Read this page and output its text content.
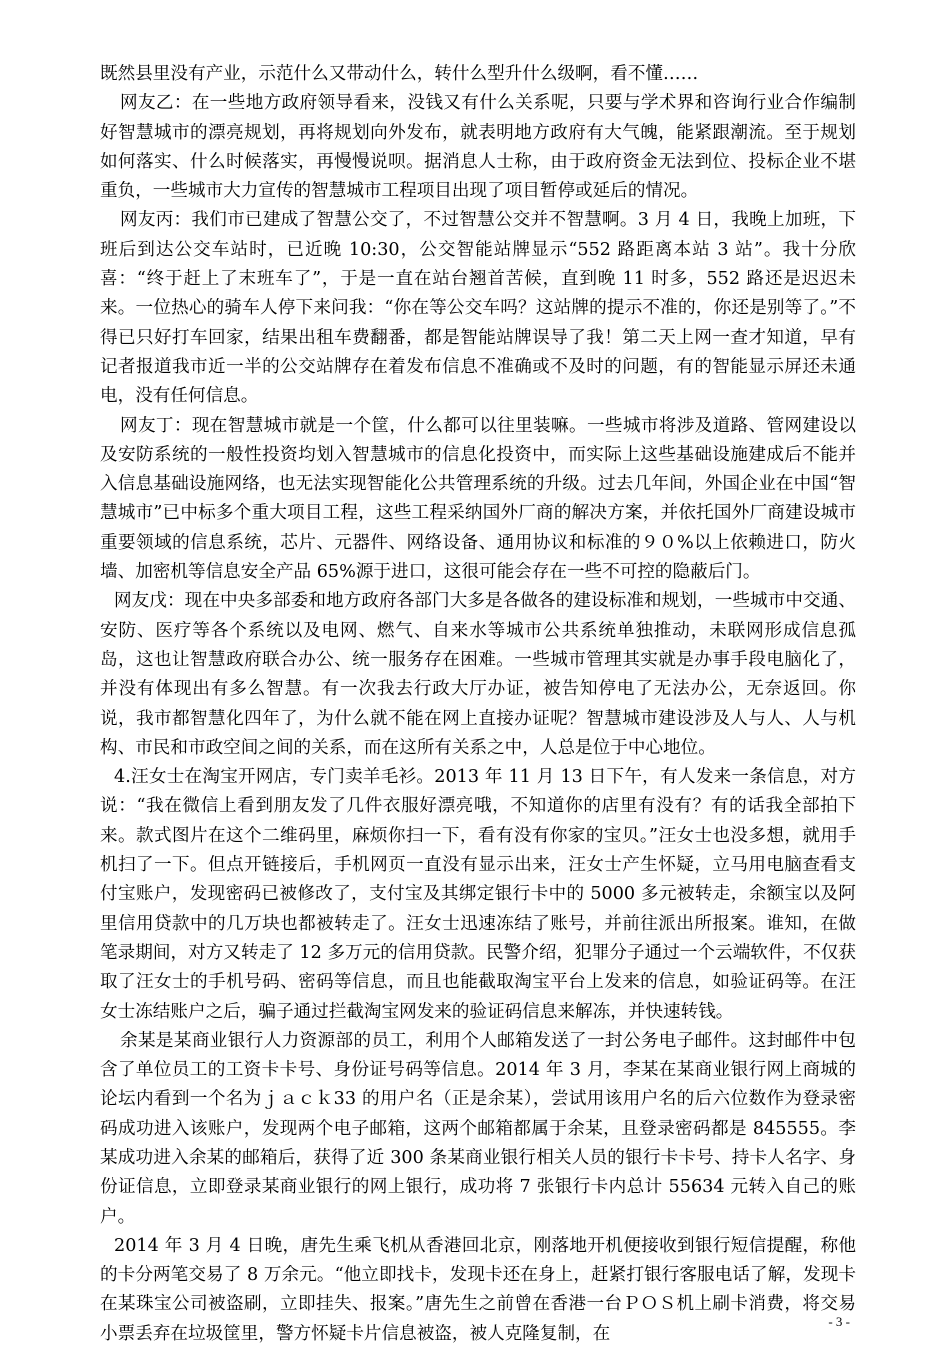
既然县里没有产业，示范什么又带动什么，转什么型升什么级啊，看不懂……

网友乙：在一些地方政府领导看来，没钱又有什么关系呢，只要与学术界和咨询行业合作编制好智慧城市的漂亮规划，再将规划向外发布，就表明地方政府有大气魄，能紧跟潮流。至于规划如何落实、什么时候落实，再慢慢说呗。据消息人士称，由于政府资金无法到位、投标企业不堪重负，一些城市大力宣传的智慧城市工程项目出现了项目暂停或延后的情况。

网友丙：我们市已建成了智慧公交了，不过智慧公交并不智慧啊。3 月 4 日，我晚上加班，下班后到达公交车站时，已近晚 10:30，公交智能站牌显示“552 路距离本站 3 站”。我十分欣喜：“终于赶上了末班车了”，于是一直在站台翘首苦候，直到晚 11 时多，552 路还是迟迟未来。一位热心的骑车人停下来问我：“你在等公交车吗？这站牌的提示不准的，你还是别等了。”不得已只好打车回家，结果出租车费翻番，都是智能站牌误导了我！第二天上网一查才知道，早有记者报道我市近一半的公交站牌存在着发布信息不准确或不及时的问题，有的智能显示屏还未通电，没有任何信息。

网友丁：现在智慧城市就是一个筐，什么都可以往里装嘛。一些城市将涉及道路、管网建设以及安防系统的一般性投资均划入智慧城市的信息化投资中，而实际上这些基础设施建成后不能并入信息基础设施网络，也无法实现智能化公共管理系统的升级。过去几年间，外国企业在中国“智慧城市”已中标多个重大项目工程，这些工程采纳国外厂商的解决方案，并依托国外厂商建设城市重要领域的信息系统，芯片、元器件、网络设备、通用协议和标准的９０%以上依赖进口，防火墙、加密机等信息安全产品 65%源于进口，这很可能会存在一些不可控的隐蔽后门。

网友戊：现在中央多部委和地方政府各部门大多是各做各的建设标准和规划，一些城市中交通、安防、医疗等各个系统以及电网、燃气、自来水等城市公共系统单独推动，未联网形成信息孤岛，这也让智慧政府联合办公、统一服务存在困难。一些城市管理其实就是办事手段电脑化了，并没有体现出有多么智慧。有一次我去行政大厅办证，被告知停电了无法办公，无奈返回。你说，我市都智慧化四年了，为什么就不能在网上直接办证呢？智慧城市建设涉及人与人、人与机构、市民和市政空间之间的关系，而在这所有关系之中，人总是位于中心地位。

4.汪女士在淘宝开网店，专门卖羊毛衫。2013 年 11 月 13 日下午，有人发来一条信息，对方说：“我在微信上看到朋友发了几件衣服好漂亮哦，不知道你的店里有没有？有的话我全部拍下来。款式图片在这个二维码里，麻烦你扫一下，看有没有你家的宝贝。”汪女士也没多想，就用手机扫了一下。但点开链接后，手机网页一直没有显示出来，汪女士产生怀疑，立马用电脑查看支付宝账户，发现密码已被修改了，支付宝及其绑定银行卡中的 5000 多元被转走，余额宝以及阿里信用贷款中的几万块也都被转走了。汪女士迅速冻结了账号，并前往派出所报案。谁知，在做笔录期间，对方又转走了 12 多万元的信用贷款。民警介绍，犯罪分子通过一个云端软件，不仅获取了汪女士的手机号码、密码等信息，而且也能截取淘宝平台上发来的信息，如验证码等。在汪女士冻结账户之后，骗子通过拦截淘宝网发来的验证码信息来解冻，并快速转钱。

余某是某商业银行人力资源部的员工，利用个人邮箱发送了一封公务电子邮件。这封邮件中包含了单位员工的工资卡卡号、身份证号码等信息。2014 年 3 月，李某在某商业银行网上商城的论坛内看到一个名为ｊａｃｋ33 的用户名（正是余某），尝试用该用户名的后六位数作为登录密码成功进入该账户，发现两个电子邮箱，这两个邮箱都属于余某，且登录密码都是 845555。李某成功进入余某的邮箱后，获得了近 300 条某商业银行相关人员的银行卡卡号、持卡人名字、身份证信息，立即登录某商业银行的网上银行，成功将 7 张银行卡内总计 55634 元转入自己的账户。

2014 年 3 月 4 日晚，唐先生乘飞机从香港回北京，刚落地开机便接收到银行短信提醒，称他的卡分两笔交易了 8 万余元。“他立即找卡，发现卡还在身上，赶紧打银行客服电话了解，发现卡在某珠宝公司被盗刷，立即挂失、报案。”唐先生之前曾在香港一台ＰＯＳ机上刷卡消费，将交易小票丢弃在垃圾筐里，警方怀疑卡片信息被盗，被人克隆复制，在

- 3 -
